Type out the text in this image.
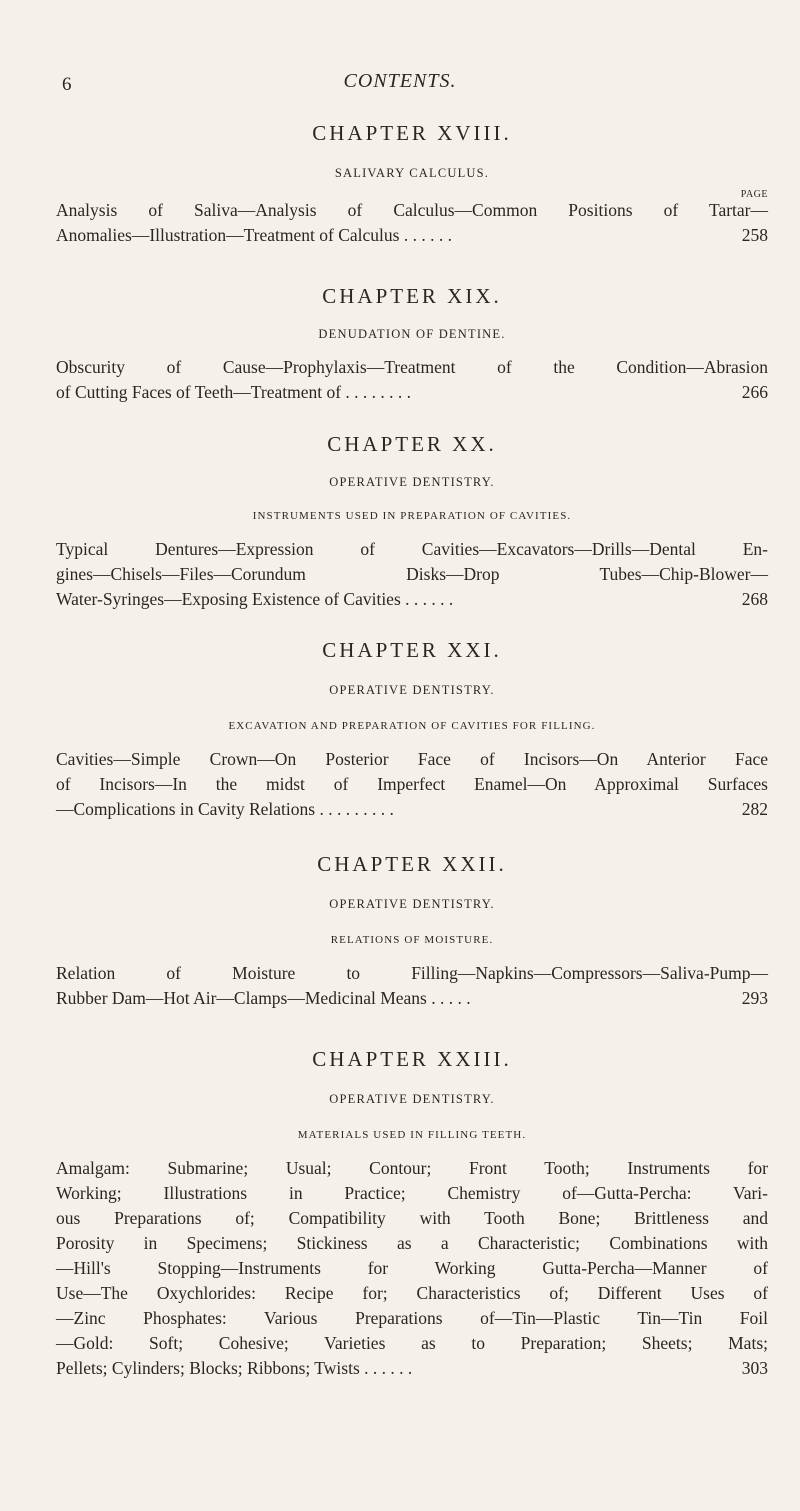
6	CONTENTS.
PAGE

CHAPTER XVIII.

SALIVARY CALCULUS.

Analysis of Saliva—Analysis of Calculus—Common Positions of Tartar—
Anomalies—Illustration—Treatment of Calculus . . . . . .	258

CHAPTER XIX.

DENUDATION OF DENTINE.

Obscurity of Cause—Prophylaxis—Treatment of the Condition—Abrasion
of Cutting Faces of Teeth—Treatment of . . . . . . . .	266

CHAPTER XX.

OPERATIVE DENTISTRY.

INSTRUMENTS USED IN PREPARATION OF CAVITIES.

Typical Dentures—Expression of Cavities—Excavators—Drills—Dental En-
gines—Chisels—Files—Corundum Disks—Drop Tubes—Chip-Blower—
Water-Syringes—Exposing Existence of Cavities . . . . . .	268

CHAPTER XXI.

OPERATIVE DENTISTRY.

EXCAVATION AND PREPARATION OF CAVITIES FOR FILLING.

Cavities—Simple Crown—On Posterior Face of Incisors—On Anterior Face
of Incisors—In the midst of Imperfect Enamel—On Approximal Surfaces
—Complications in Cavity Relations . . . . . . . . .	282

CHAPTER XXII.

OPERATIVE DENTISTRY.

RELATIONS OF MOISTURE.

Relation of Moisture to Filling—Napkins—Compressors—Saliva-Pump—
Rubber Dam—Hot Air—Clamps—Medicinal Means . . . . .	293

CHAPTER XXIII.

OPERATIVE DENTISTRY.

MATERIALS USED IN FILLING TEETH.

Amalgam: Submarine; Usual; Contour; Front Tooth; Instruments for
Working; Illustrations in Practice; Chemistry of—Gutta-Percha: Vari-
ous Preparations of; Compatibility with Tooth Bone; Brittleness and
Porosity in Specimens; Stickiness as a Characteristic; Combinations with
—Hill's Stopping—Instruments for Working Gutta-Percha—Manner of
Use—The Oxychlorides: Recipe for; Characteristics of; Different Uses of
—Zinc Phosphates: Various Preparations of—Tin—Plastic Tin—Tin Foil
—Gold: Soft; Cohesive; Varieties as to Preparation; Sheets; Mats;
Pellets; Cylinders; Blocks; Ribbons; Twists . . . . . .	303
